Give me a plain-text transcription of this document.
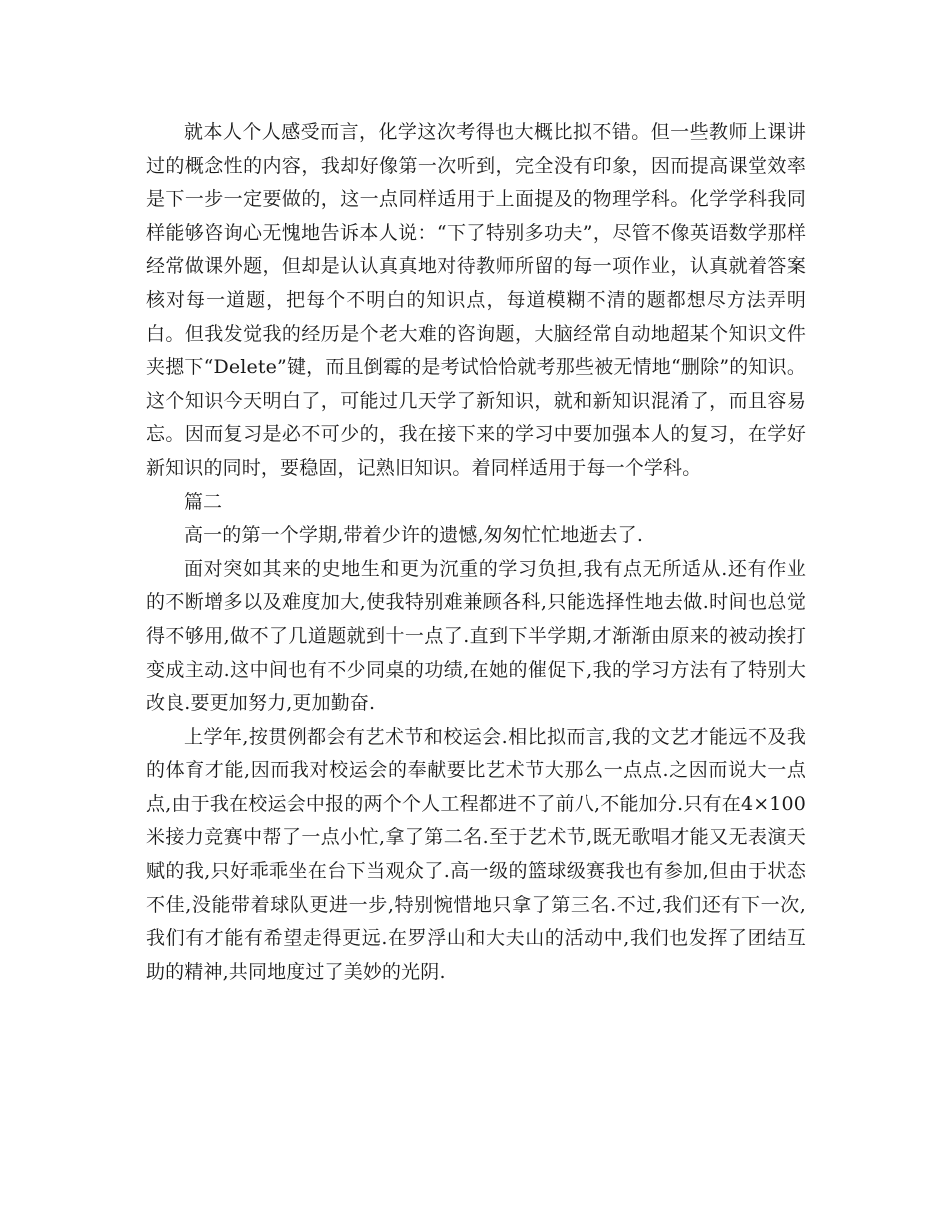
就本人个人感受而言，化学这次考得也大概比拟不错。但一些教师上课讲过的概念性的内容，我却好像第一次听到，完全没有印象，因而提高课堂效率是下一步一定要做的，这一点同样适用于上面提及的物理学科。化学学科我同样能够咨询心无愧地告诉本人说：“下了特别多功夫”，尽管不像英语数学那样经常做课外题，但却是认认真真地对待教师所留的每一项作业，认真就着答案核对每一道题，把每个不明白的知识点，每道模糊不清的题都想尽方法弄明白。但我发觉我的经历是个老大难的咨询题，大脑经常自动地超某个知识文件夹摁下“Delete”键，而且倒霉的是考试恰恰就考那些被无情地“删除”的知识。这个知识今天明白了，可能过几天学了新知识，就和新知识混淆了，而且容易忘。因而复习是必不可少的，我在接下来的学习中要加强本人的复习，在学好新知识的同时，要稳固，记熟旧知识。着同样适用于每一个学科。

篇二

高一的第一个学期,带着少许的遗憾,匆匆忙忙地逝去了.

面对突如其来的史地生和更为沉重的学习负担,我有点无所适从.还有作业的不断增多以及难度加大,使我特别难兼顾各科,只能选择性地去做.时间也总觉得不够用,做不了几道题就到十一点了.直到下半学期,才渐渐由原来的被动挨打变成主动.这中间也有不少同桌的功绩,在她的催促下,我的学习方法有了特别大改良.要更加努力,更加勤奋.

上学年,按贯例都会有艺术节和校运会.相比拟而言,我的文艺才能远不及我的体育才能,因而我对校运会的奉献要比艺术节大那么一点点.之因而说大一点点,由于我在校运会中报的两个个人工程都进不了前八,不能加分.只有在4×100米接力竞赛中帮了一点小忙,拿了第二名.至于艺术节,既无歌唱才能又无表演天赋的我,只好乖乖坐在台下当观众了.高一级的篮球级赛我也有参加,但由于状态不佳,没能带着球队更进一步,特别惋惜地只拿了第三名.不过,我们还有下一次,我们有才能有希望走得更远.在罗浮山和大夫山的活动中,我们也发挥了团结互助的精神,共同地度过了美妙的光阴.
